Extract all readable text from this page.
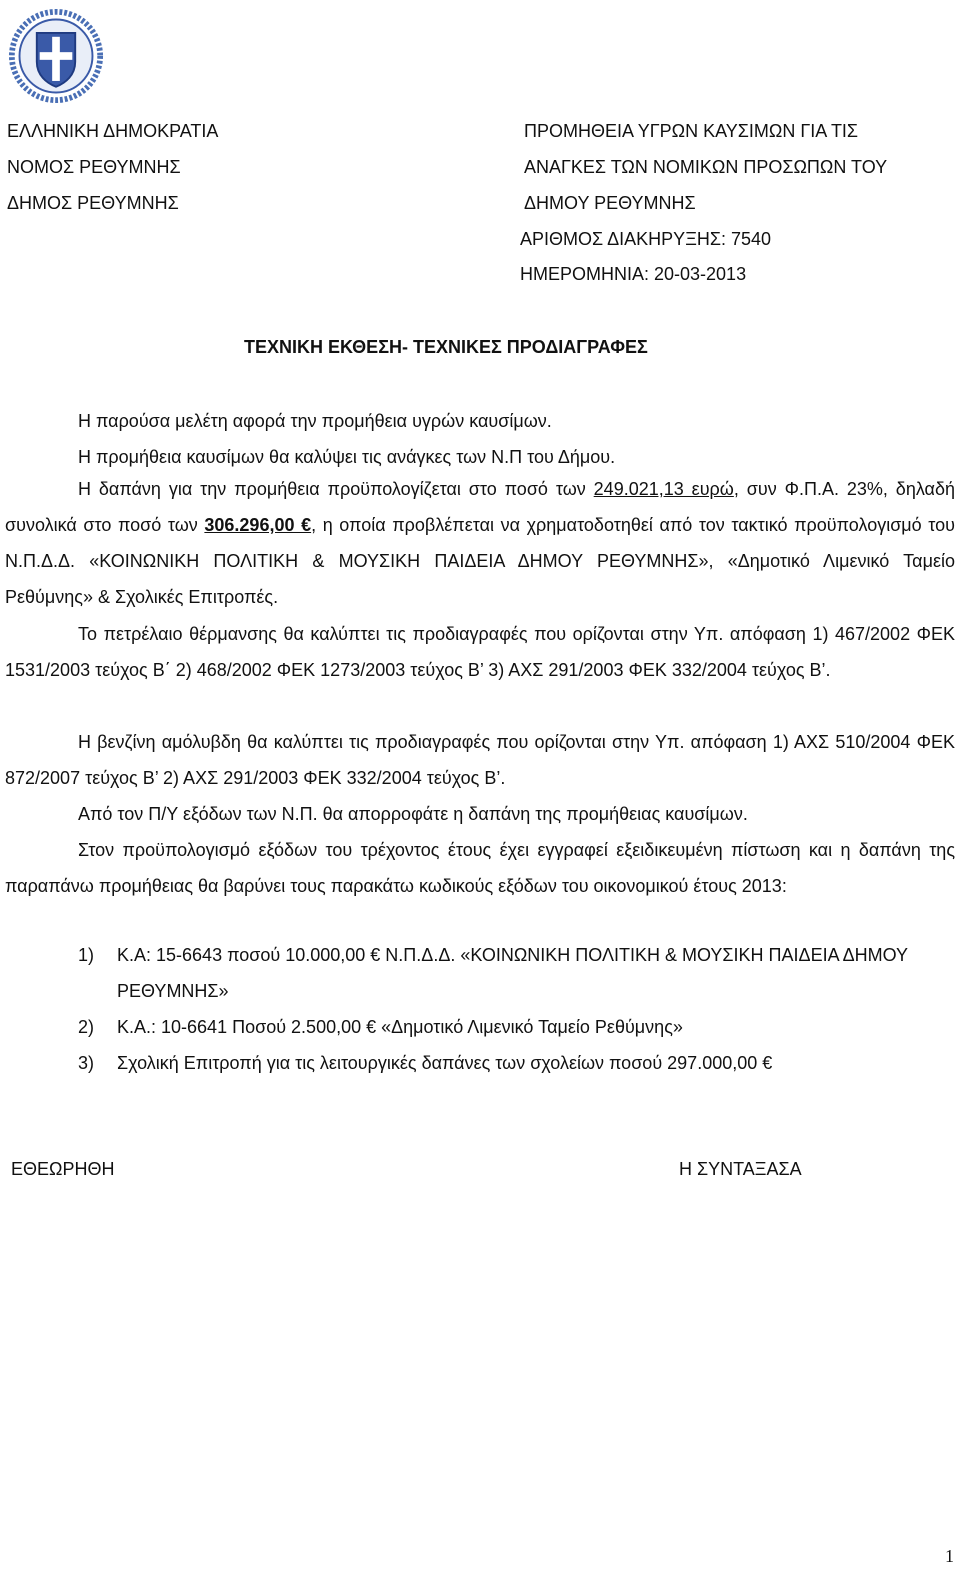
ΕΛΛΗΝΙΚΗ ΔΗΜΟΚΡΑΤΙΑ
ΝΟΜΟΣ ΡΕΘΥΜΝΗΣ
ΔΗΜΟΣ ΡΕΘΥΜΝΗΣ
ΠΡΟΜΗΘΕΙΑ ΥΓΡΩΝ ΚΑΥΣΙΜΩΝ ΓΙΑ ΤΙΣ
ΑΝΑΓΚΕΣ ΤΩΝ ΝΟΜΙΚΩΝ ΠΡΟΣΩΠΩΝ ΤΟΥ
ΔΗΜΟΥ ΡΕΘΥΜΝΗΣ
ΑΡΙΘΜΟΣ ΔΙΑΚΗΡΥΞΗΣ: 7540
ΗΜΕΡΟΜΗΝΙΑ: 20-03-2013
ΤΕΧΝΙΚΗ ΕΚΘΕΣΗ- ΤΕΧΝΙΚΕΣ ΠΡΟΔΙΑΓΡΑΦΕΣ
Η παρούσα μελέτη αφορά την προμήθεια υγρών καυσίμων.
Η προμήθεια καυσίμων θα καλύψει τις ανάγκες των Ν.Π του Δήμου.
Η δαπάνη για την προμήθεια προϋπολογίζεται στο ποσό των 249.021,13 ευρώ, συν Φ.Π.Α. 23%, δηλαδή συνολικά στο ποσό των 306.296,00 €, η οποία προβλέπεται να χρηματοδοτηθεί από τον τακτικό προϋπολογισμό του Ν.Π.Δ.Δ. «ΚΟΙΝΩΝΙΚΗ ΠΟΛΙΤΙΚΗ & ΜΟΥΣΙΚΗ ΠΑΙΔΕΙΑ ΔΗΜΟΥ ΡΕΘΥΜΝΗΣ», «Δημοτικό Λιμενικό Ταμείο Ρεθύμνης» & Σχολικές Επιτροπές.
Το πετρέλαιο θέρμανσης θα καλύπτει τις προδιαγραφές που ορίζονται στην Υπ. απόφαση 1) 467/2002 ΦΕΚ 1531/2003 τεύχος Β΄ 2) 468/2002 ΦΕΚ 1273/2003 τεύχος Β’ 3) ΑΧΣ 291/2003 ΦΕΚ 332/2004 τεύχος Β’.
Η βενζίνη αμόλυβδη θα καλύπτει τις προδιαγραφές που ορίζονται στην Υπ. απόφαση 1) ΑΧΣ 510/2004 ΦΕΚ 872/2007 τεύχος Β’ 2) ΑΧΣ 291/2003 ΦΕΚ 332/2004 τεύχος Β’.
Από τον Π/Υ εξόδων των Ν.Π. θα απορροφάτε η δαπάνη της προμήθειας καυσίμων.
Στον προϋπολογισμό εξόδων του τρέχοντος έτους έχει εγγραφεί εξειδικευμένη πίστωση και η δαπάνη της παραπάνω προμήθειας θα βαρύνει τους παρακάτω κωδικούς εξόδων του οικονομικού έτους 2013:
1) Κ.Α: 15-6643 ποσού 10.000,00 € Ν.Π.Δ.Δ. «ΚΟΙΝΩΝΙΚΗ ΠΟΛΙΤΙΚΗ & ΜΟΥΣΙΚΗ ΠΑΙΔΕΙΑ ΔΗΜΟΥ ΡΕΘΥΜΝΗΣ»
2) Κ.Α.: 10-6641 Ποσού 2.500,00 € «Δημοτικό Λιμενικό Ταμείο Ρεθύμνης»
3) Σχολική Επιτροπή για τις λειτουργικές δαπάνες των σχολείων ποσού 297.000,00 €
ΕΘΕΩΡΗΘΗ	Η ΣΥΝΤΑΞΑΣΑ
1
